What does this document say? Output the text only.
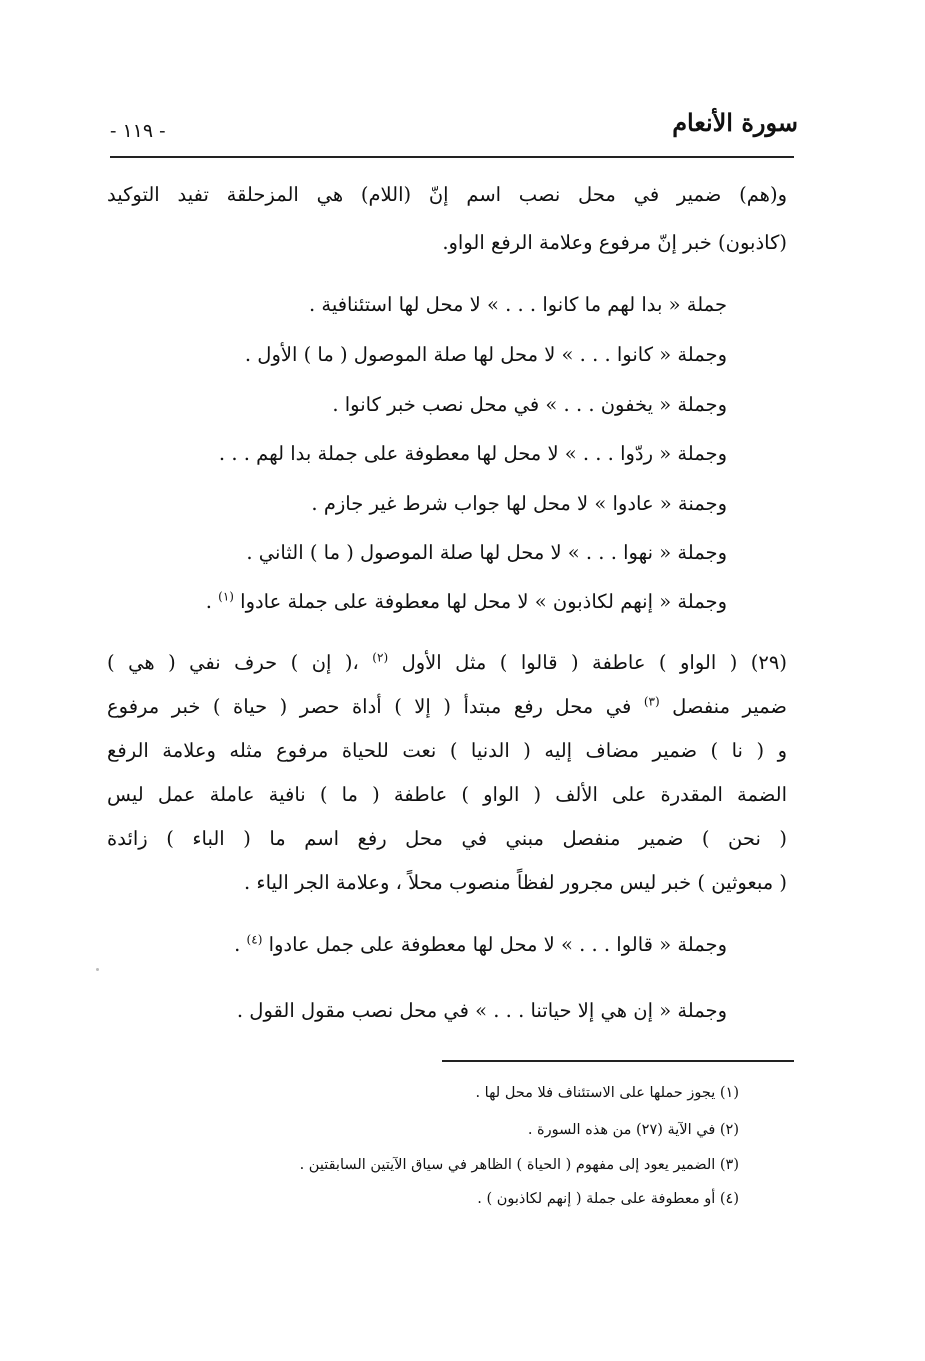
سورة الأنعام
- ١١٩ -
و(هم) ضمير في محل نصب اسم إنّ (اللام) هي المزحلقة تفيد التوكيد
(كاذبون) خبر إنّ مرفوع وعلامة الرفع الواو.
جملة « بدا لهم ما كانوا . . . » لا محل لها استئنافية .
وجملة « كانوا . . . » لا محل لها صلة الموصول ( ما ) الأول .
وجملة « يخفون . . . » في محل نصب خبر كانوا .
وجملة « ردّوا . . . » لا محل لها معطوفة على جملة بدا لهم . . .
وجمنة « عادوا » لا محل لها جواب شرط غير جازم .
وجملة « نهوا . . . » لا محل لها صلة الموصول ( ما ) الثاني .
وجملة « إنهم لكاذبون » لا محل لها معطوفة على جملة عادوا $^{(١)}$ .
(٢٩) ( الواو ) عاطفة ( قالوا ) مثل الأول $^{(٢)}$ ،( إن ) حرف نفي ( هي )
ضمير منفصل $^{(٣)}$ في محل رفع مبتدأ ( إلا ) أداة حصر ( حياة ) خبر مرفوع
و ( نا ) ضمير مضاف إليه ( الدنيا ) نعت للحياة مرفوع مثله وعلامة الرفع
الضمة المقدرة على الألف ( الواو ) عاطفة ( ما ) نافية عاملة عمل ليس
( نحن ) ضمير منفصل مبني في محل رفع اسم ما ( الباء ) زائدة
( مبعوثين ) خبر ليس مجرور لفظاً منصوب محلاً ، وعلامة الجر الياء .
وجملة « قالوا . . . » لا محل لها معطوفة على جمل عادوا $^{(٤)}$ .
وجملة « إن هي إلا حياتنا . . . » في محل نصب مقول القول .
(١) يجوز حملها على الاستئناف فلا محل لها .
(٢) في الآية (٢٧) من هذه السورة .
(٣) الضمير يعود إلى مفهوم ( الحياة ) الظاهر في سياق الآيتين السابقتين .
(٤) أو معطوفة على جملة ( إنهم لكاذبون ) .
